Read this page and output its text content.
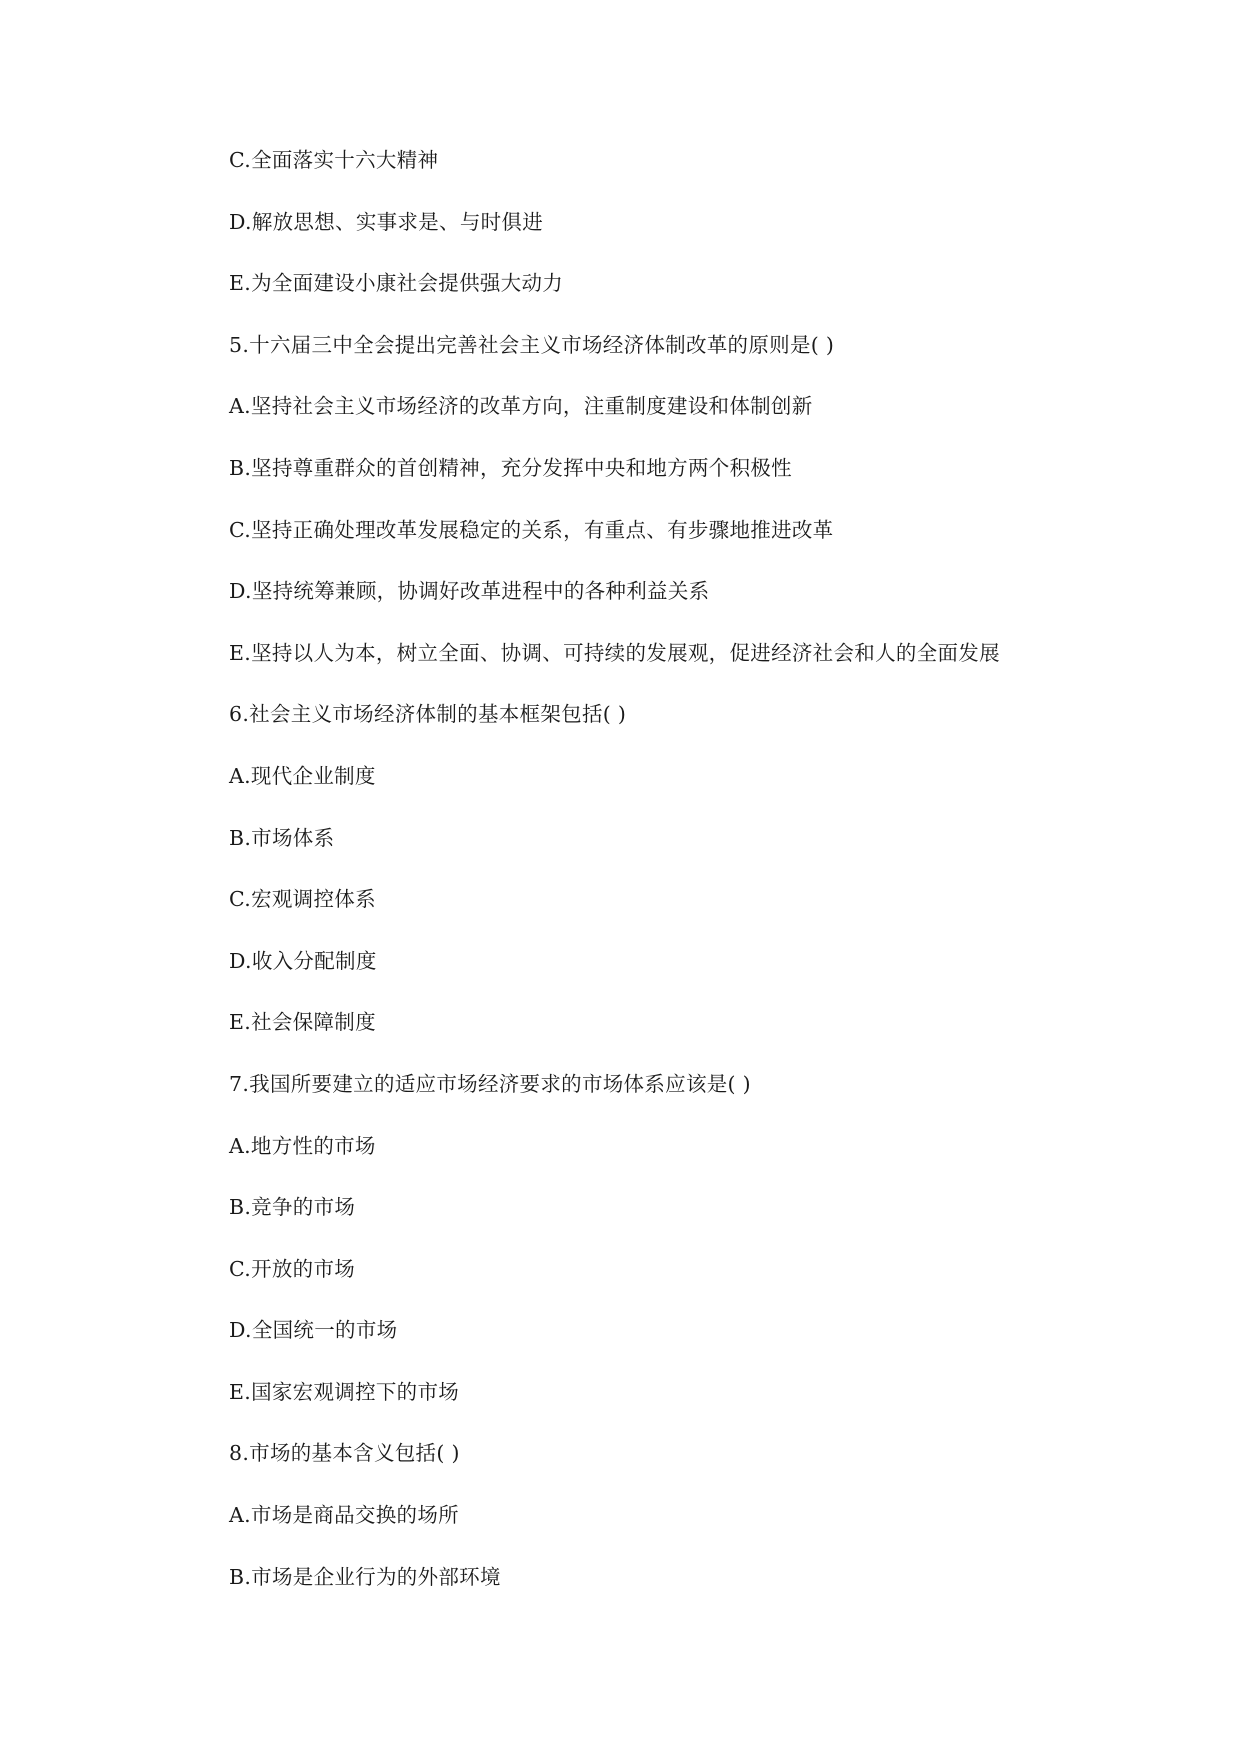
C.全面落实十六大精神
D.解放思想、实事求是、与时俱进
E.为全面建设小康社会提供强大动力
5.十六届三中全会提出完善社会主义市场经济体制改革的原则是( )
A.坚持社会主义市场经济的改革方向，注重制度建设和体制创新
B.坚持尊重群众的首创精神，充分发挥中央和地方两个积极性
C.坚持正确处理改革发展稳定的关系，有重点、有步骤地推进改革
D.坚持统筹兼顾，协调好改革进程中的各种利益关系
E.坚持以人为本，树立全面、协调、可持续的发展观，促进经济社会和人的全面发展
6.社会主义市场经济体制的基本框架包括( )
A.现代企业制度
B.市场体系
C.宏观调控体系
D.收入分配制度
E.社会保障制度
7.我国所要建立的适应市场经济要求的市场体系应该是( )
A.地方性的市场
B.竞争的市场
C.开放的市场
D.全国统一的市场
E.国家宏观调控下的市场
8.市场的基本含义包括( )
A.市场是商品交换的场所
B.市场是企业行为的外部环境
